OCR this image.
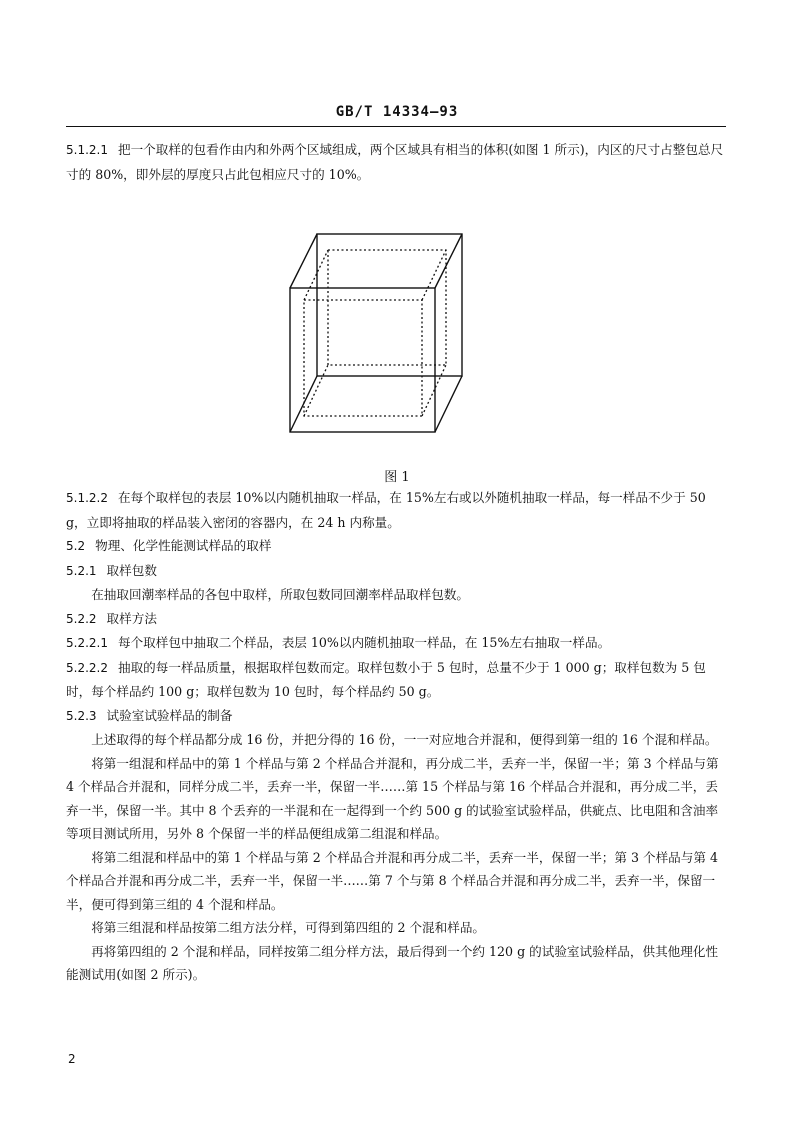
GB/T 14334—93

5.1.2.1 把一个取样的包看作由内和外两个区域组成，两个区域具有相当的体积(如图 1 所示)，内区的尺寸占整包总尺寸的 80%，即外层的厚度只占此包相应尺寸的 10%。

图 1

5.1.2.2 在每个取样包的表层 10%以内随机抽取一样品，在 15%左右或以外随机抽取一样品，每一样品不少于 50 g，立即将抽取的样品装入密闭的容器内，在 24 h 内称量。

5.2 物理、化学性能测试样品的取样

5.2.1 取样包数

在抽取回潮率样品的各包中取样，所取包数同回潮率样品取样包数。

5.2.2 取样方法

5.2.2.1 每个取样包中抽取二个样品，表层 10%以内随机抽取一样品，在 15%左右抽取一样品。

5.2.2.2 抽取的每一样品质量，根据取样包数而定。取样包数小于 5 包时，总量不少于 1 000 g；取样包数为 5 包时，每个样品约 100 g；取样包数为 10 包时，每个样品约 50 g。

5.2.3 试验室试验样品的制备

上述取得的每个样品都分成 16 份，并把分得的 16 份，一一对应地合并混和，便得到第一组的 16 个混和样品。

将第一组混和样品中的第 1 个样品与第 2 个样品合并混和，再分成二半，丢弃一半，保留一半；第 3 个样品与第 4 个样品合并混和，同样分成二半，丢弃一半，保留一半……第 15 个样品与第 16 个样品合并混和，再分成二半，丢弃一半，保留一半。其中 8 个丢弃的一半混和在一起得到一个约 500 g 的试验室试验样品，供疵点、比电阻和含油率等项目测试所用，另外 8 个保留一半的样品便组成第二组混和样品。

将第二组混和样品中的第 1 个样品与第 2 个样品合并混和再分成二半，丢弃一半，保留一半；第 3 个样品与第 4 个样品合并混和再分成二半，丢弃一半，保留一半……第 7 个与第 8 个样品合并混和再分成二半，丢弃一半，保留一半，便可得到第三组的 4 个混和样品。

将第三组混和样品按第二组方法分样，可得到第四组的 2 个混和样品。

再将第四组的 2 个混和样品，同样按第二组分样方法，最后得到一个约 120 g 的试验室试验样品，供其他理化性能测试用(如图 2 所示)。

2
